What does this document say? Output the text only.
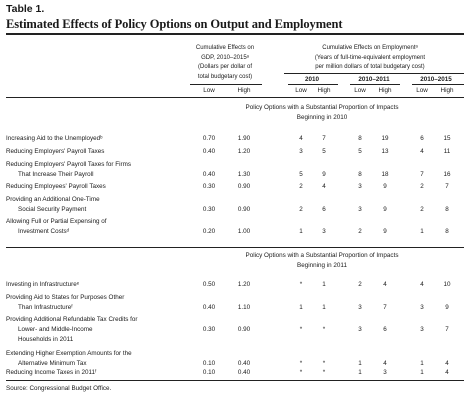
Table 1.
Estimated Effects of Policy Options on Output and Employment
Cumulative Effects on
GDP, 2010–2015ᵃ
(Dollars per dollar of
total budgetary cost)
Cumulative Effects on Employmentᵃ
(Years of full-time-equivalent employment
per million dollars of total budgetary cost)
2010	2010–2011	2010–2015
Low	High	Low	High	Low	High	Low	High
Policy Options with a Substantial Proportion of Impacts
Beginning in 2010
Increasing Aid to the Unemployedᵇ	0.70	1.90	4	7	8	19	6	15
Reducing Employers' Payroll Taxes	0.40	1.20	3	5	5	13	4	11
Reducing Employers' Payroll Taxes for Firms
That Increase Their Payroll	0.40	1.30	5	9	8	18	7	16
Reducing Employees' Payroll Taxes	0.30	0.90	2	4	3	9	2	7
Providing an Additional One-Time
Social Security Payment	0.30	0.90	2	6	3	9	2	8
Allowing Full or Partial Expensing of
Investment Costsᵈ	0.20	1.00	1	3	2	9	1	8
Policy Options with a Substantial Proportion of Impacts
Beginning in 2011
Investing in Infrastructureᵉ	0.50	1.20	*	1	2	4	4	10
Providing Aid to States for Purposes Other
Than Infrastructureᶠ	0.40	1.10	1	1	3	7	3	9
Providing Additional Refundable Tax Credits for
Lower- and Middle-Income
Households in 2011
0.30	0.90	*	*	3	6	3	7
Extending Higher Exemption Amounts for the
Alternative Minimum Tax	0.10	0.40	*	*	1	4	1	4
Reducing Income Taxes in 2011ᶠ	0.10	0.40	*	*	1	3	1	4
Source: Congressional Budget Office.
